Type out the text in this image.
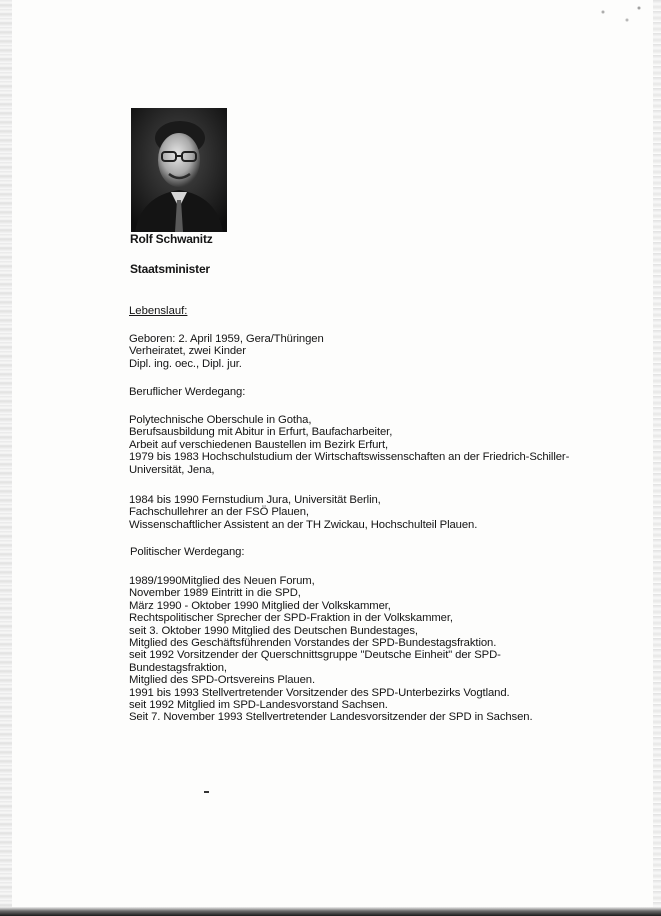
Rolf Schwanitz
Staatsminister
Lebenslauf:
Geboren: 2. April 1959, Gera/Thüringen
Verheiratet, zwei Kinder
Dipl. ing. oec., Dipl. jur.
Beruflicher Werdegang:
Polytechnische Oberschule in Gotha,
Berufsausbildung mit Abitur in Erfurt, Baufacharbeiter,
Arbeit auf verschiedenen Baustellen im Bezirk Erfurt,
1979 bis 1983 Hochschulstudium der Wirtschaftswissenschaften an der Friedrich-Schiller-
Universität, Jena,
1984 bis 1990 Fernstudium Jura, Universität Berlin,
Fachschullehrer an der FSÖ Plauen,
Wissenschaftlicher Assistent an der TH Zwickau, Hochschulteil Plauen.
Politischer Werdegang:
1989/1990Mitglied des Neuen Forum,
November 1989 Eintritt in die SPD,
März 1990 - Oktober 1990 Mitglied der Volkskammer,
Rechtspolitischer Sprecher der SPD-Fraktion in der Volkskammer,
seit 3. Oktober 1990 Mitglied des Deutschen Bundestages,
Mitglied des Geschäftsführenden Vorstandes der SPD-Bundestagsfraktion.
seit 1992 Vorsitzender der Querschnittsgruppe "Deutsche Einheit" der SPD-
Bundestagsfraktion,
Mitglied des SPD-Ortsvereins Plauen.
1991 bis 1993 Stellvertretender Vorsitzender des SPD-Unterbezirks Vogtland.
seit 1992 Mitglied im SPD-Landesvorstand Sachsen.
Seit 7. November 1993 Stellvertretender Landesvorsitzender der SPD in Sachsen.
